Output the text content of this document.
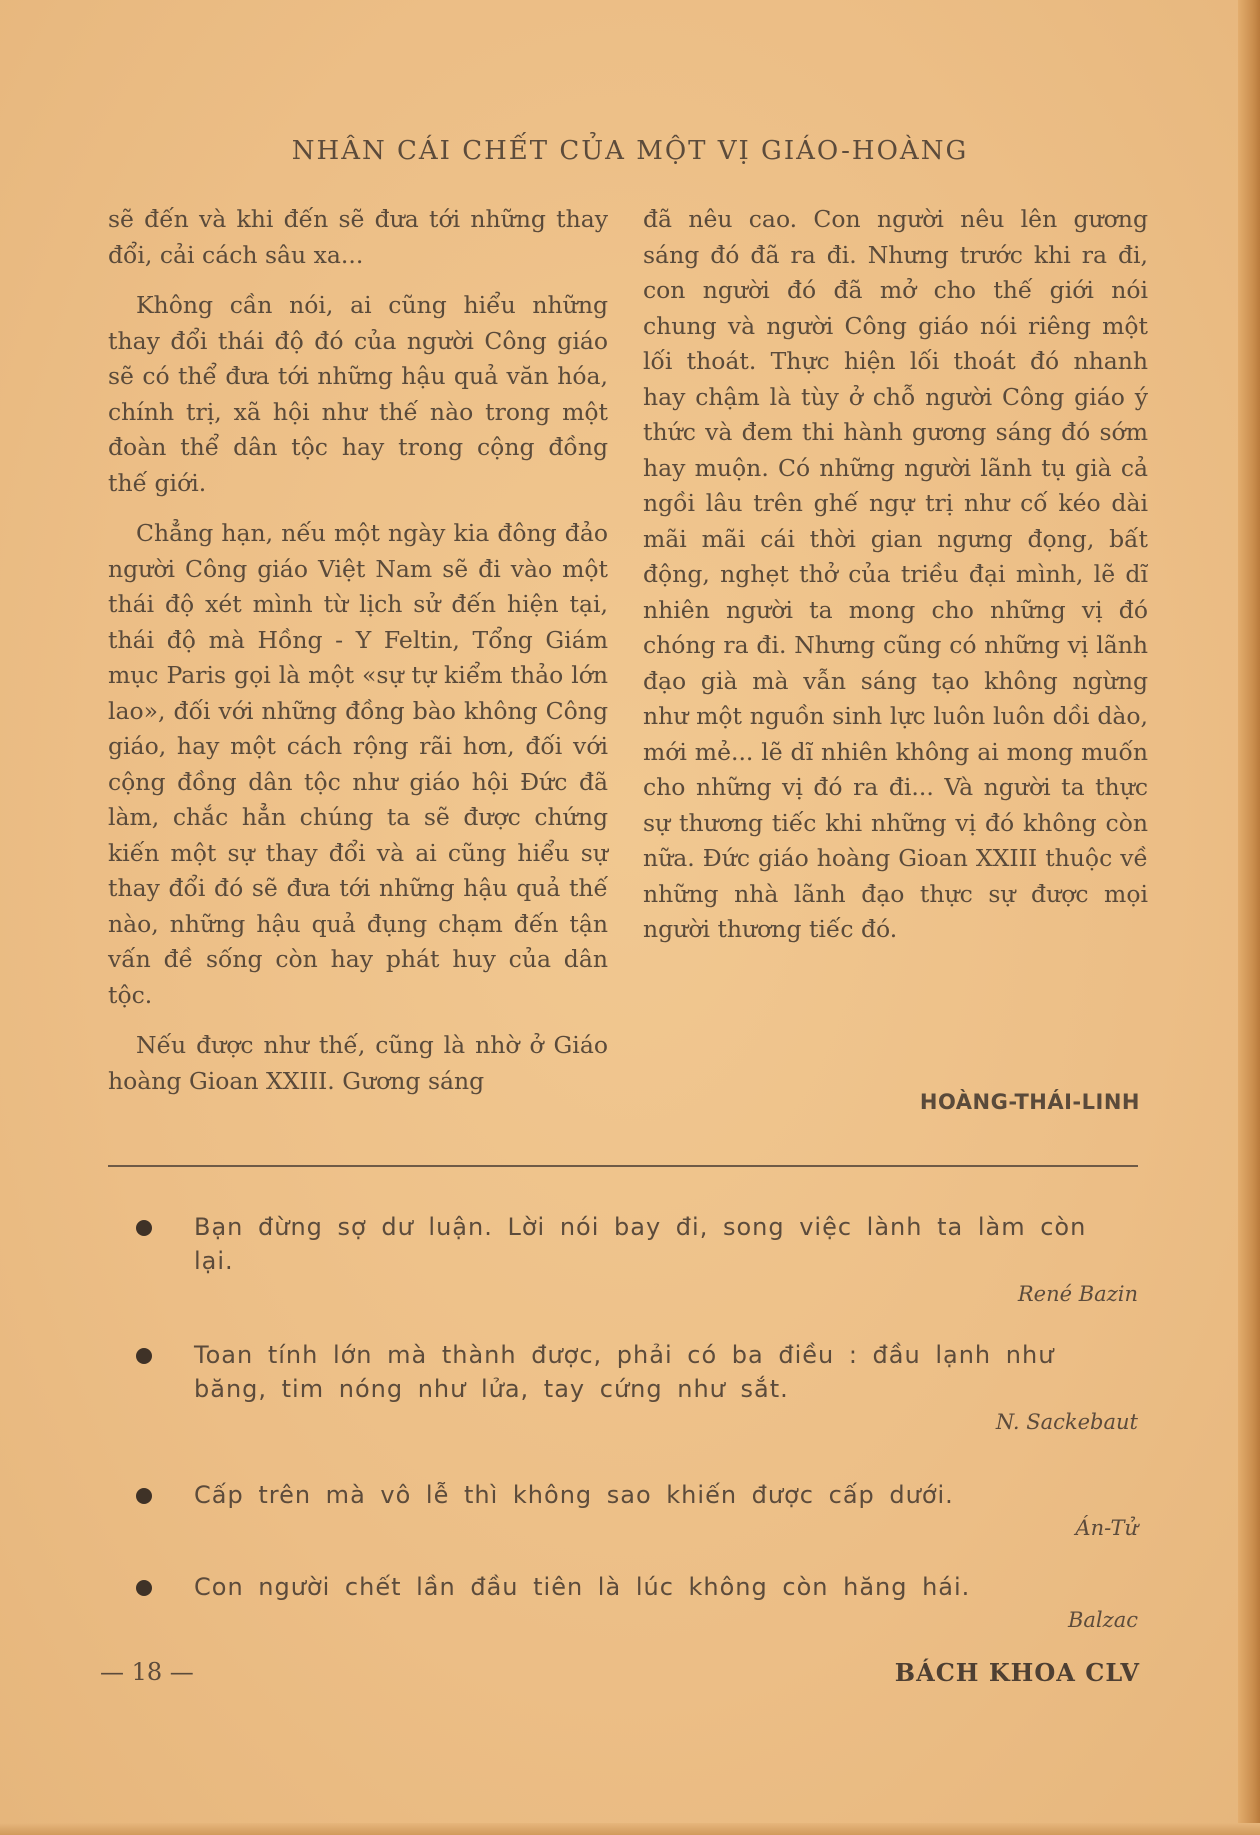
NHÂN CÁI CHẾT CỦA MỘT VỊ GIÁO-HOÀNG

sẽ đến và khi đến sẽ đưa tới những thay đổi, cải cách sâu xa...

Không cần nói, ai cũng hiểu những thay đổi thái độ đó của người Công giáo sẽ có thể đưa tới những hậu quả văn hóa, chính trị, xã hội như thế nào trong một đoàn thể dân tộc hay trong cộng đồng thế giới.

Chẳng hạn, nếu một ngày kia đông đảo người Công giáo Việt Nam sẽ đi vào một thái độ xét mình từ lịch sử đến hiện tại, thái độ mà Hồng - Y Feltin, Tổng Giám mục Paris gọi là một «sự tự kiểm thảo lớn lao», đối với những đồng bào không Công giáo, hay một cách rộng rãi hơn, đối với cộng đồng dân tộc như giáo hội Đức đã làm, chắc hẳn chúng ta sẽ được chứng kiến một sự thay đổi và ai cũng hiểu sự thay đổi đó sẽ đưa tới những hậu quả thế nào, những hậu quả đụng chạm đến tận vấn đề sống còn hay phát huy của dân tộc.

Nếu được như thế, cũng là nhờ ở Giáo hoàng Gioan XXIII. Gương sáng

đã nêu cao. Con người nêu lên gương sáng đó đã ra đi. Nhưng trước khi ra đi, con người đó đã mở cho thế giới nói chung và người Công giáo nói riêng một lối thoát. Thực hiện lối thoát đó nhanh hay chậm là tùy ở chỗ người Công giáo ý thức và đem thi hành gương sáng đó sớm hay muộn. Có những người lãnh tụ già cả ngồi lâu trên ghế ngự trị như cố kéo dài mãi mãi cái thời gian ngưng đọng, bất động, nghẹt thở của triều đại mình, lẽ dĩ nhiên người ta mong cho những vị đó chóng ra đi. Nhưng cũng có những vị lãnh đạo già mà vẫn sáng tạo không ngừng như một nguồn sinh lực luôn luôn dồi dào, mới mẻ... lẽ dĩ nhiên không ai mong muốn cho những vị đó ra đi... Và người ta thực sự thương tiếc khi những vị đó không còn nữa. Đức giáo hoàng Gioan XXIII thuộc về những nhà lãnh đạo thực sự được mọi người thương tiếc đó.

HOÀNG-THÁI-LINH
Bạn đừng sợ dư luận. Lời nói bay đi, song việc lành ta làm còn lại.
René Bazin
Toan tính lớn mà thành được, phải có ba điều : đầu lạnh như băng, tim nóng như lửa, tay cứng như sắt.
N. Sackebaut
Cấp trên mà vô lễ thì không sao khiến được cấp dưới.
Án-Tử
Con người chết lần đầu tiên là lúc không còn hăng hái.
Balzac
— 18 —	BÁCH KHOA CLV
